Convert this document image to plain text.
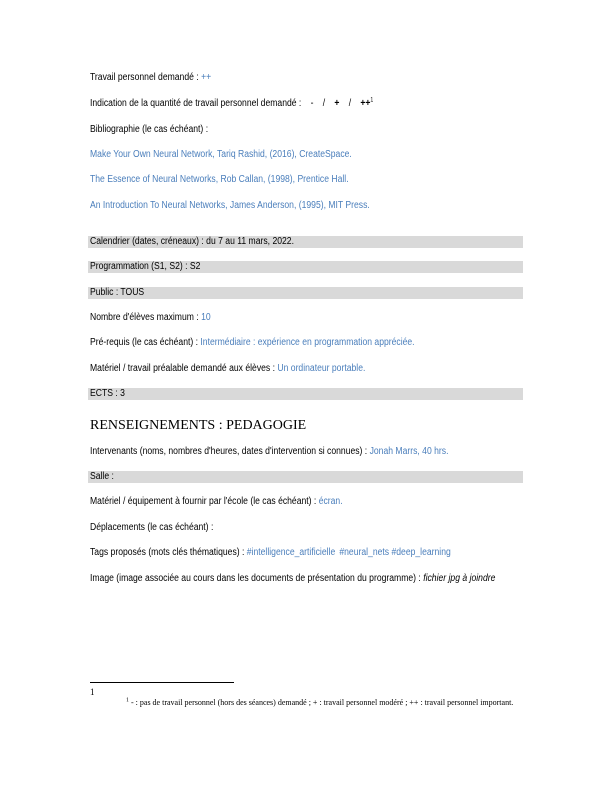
Travail personnel demandé : ++
Indication de la quantité de travail personnel demandé : - / + / ++$^1$
Bibliographie (le cas échéant) :
Make Your Own Neural Network, Tariq Rashid, (2016), CreateSpace.
The Essence of Neural Networks, Rob Callan, (1998), Prentice Hall.
An Introduction To Neural Networks, James Anderson, (1995), MIT Press.
Calendrier (dates, créneaux) : du 7 au 11 mars, 2022.
Programmation (S1, S2) : S2
Public : TOUS
Nombre d'élèves maximum : 10
Pré-requis (le cas échéant) : Intermédiaire : expérience en programmation appréciée.
Matériel / travail préalable demandé aux élèves : Un ordinateur portable.
ECTS : 3
RENSEIGNEMENTS : PEDAGOGIE
Intervenants (noms, nombres d'heures, dates d'intervention si connues) : Jonah Marrs, 40 hrs.
Salle :
Matériel / équipement à fournir par l'école (le cas échéant) : écran.
Déplacements (le cas échéant) :
Tags proposés (mots clés thématiques) : #intelligence_artificielle #neural_nets #deep_learning
Image (image associée au cours dans les documents de présentation du programme) : fichier jpg à joindre
1
$^1$ - : pas de travail personnel (hors des séances) demandé ; + : travail personnel modéré ; ++ : travail personnel important.
